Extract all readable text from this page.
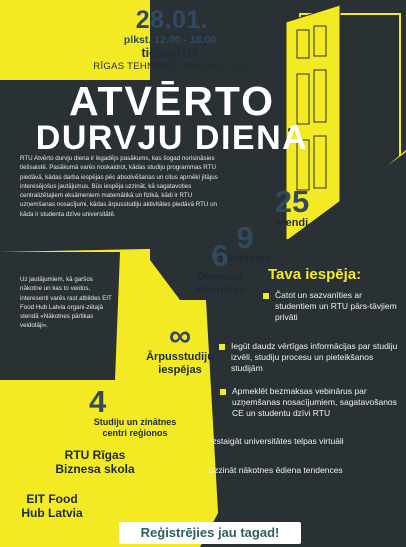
28.01.
plkst. 12.00 - 18.00
tiešsaistē
RĪGAS TEHNISKĀ UNIVERSITĀTE
ATVĒRTO
DURVJU DIENA
RTU Atvērto durvju diena ir ikgadējs pasākums, kas šogad norisināsies tiešsaistē. Pasākumā varēs noskaidrot, kādas studiju programmas RTU piedāvā, kādas darba iespējas pēc absolvēšanas un citus aprnēkl jītājus interesējošus jautājumus. Būs iespēja uzzināt, kā sagatavoties centralizētajiem eksāmeniem matemātikā un fizikā, kādi ir RTU uzņemšanas nosacījumi, kādas ārpusstudiju aktivitātes piedāvā RTU un kāda ir studenta dzīve universitātē.
Uz jautājumiem, kā garšos nākotne un kas to veidos, interesenti varēs rast atbildes EIT Food Hub Latvia organi-zētajā stendā «Nākotnes pārtikas veidotāji».
25
stendi
9
fakultātes
6
Dienesta
viesnīcas
∞
Ārpusstudiju
iespējas
4
Studiju un zinātnes
centri reģionos
RTU Rīgas
Biznesa skola
EIT Food
Hub Latvia
Tava iespēja:
Čatot un sazvanīties ar studentiem un RTU pārs-tāvjiem privāti
Iegūt daudz vērtīgas informācijas par studiju izvēli, studiju procesu un pieteikšanos studijām
Apmeklēt bezmaksas vebinārus par uzņemšanas nosacījumiem, sagatavošanos CE un studentu dzīvi RTU
Izstaigāt universitātes telpas virtuāli
Uzzināt nākotnes ēdiena tendences
Reģistrējies jau tagad!
